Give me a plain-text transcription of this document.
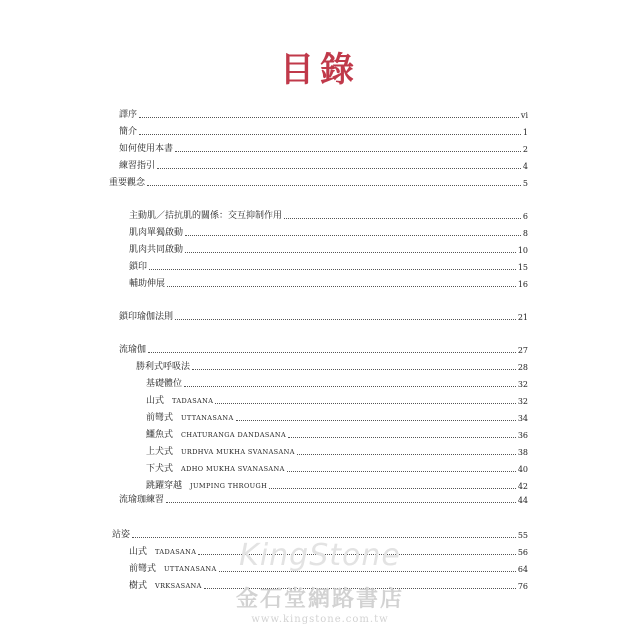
目錄
譯序	vi
簡介	1
如何使用本書	2
練習指引	4
重要觀念	5
主動肌／拮抗肌的關係：交互抑制作用	6
肌肉單獨啟動	8
肌肉共同啟動	10
鎖印	15
輔助伸展	16
鎖印瑜伽法則	21
流瑜伽	27
勝利式呼吸法	28
基礎體位	32
山式 TADASANA	32
前彎式 UTTANASANA	34
鱷魚式 CHATURANGA DANDASANA	36
上犬式 URDHVA MUKHA SVANASANA	38
下犬式 ADHO MUKHA SVANASANA	40
跳躍穿越 JUMPING THROUGH	42
流瑜珈練習	44
站姿	55
山式 TADASANA	56
前彎式 UTTANASANA	64
樹式 VRKSASANA	76
KingStone
金石堂網路書店
www.kingstone.com.tw
